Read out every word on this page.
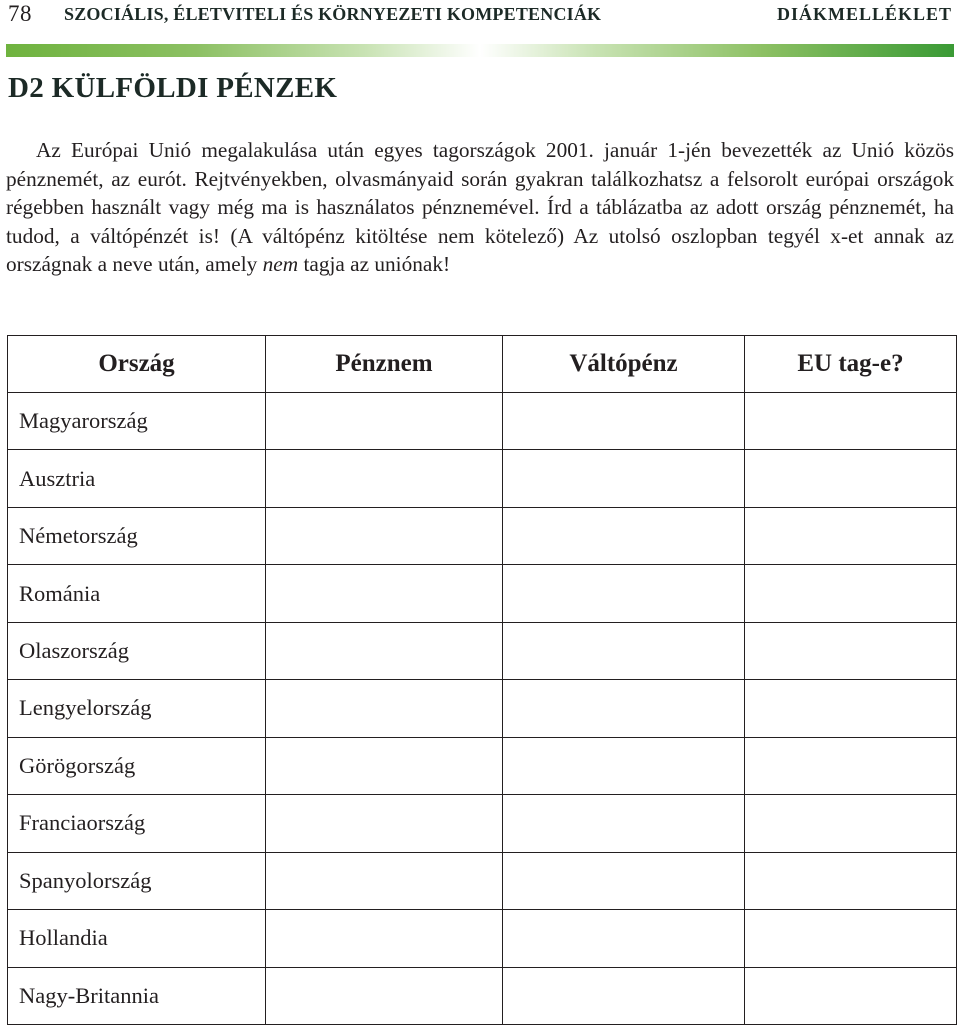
78 SZOCIÁLIS, ÉLETVITELI ÉS KÖRNYEZETI KOMPETENCIÁK	DIÁKMELLÉKLET
D2 KÜLFÖLDI PÉNZEK

Az Európai Unió megalakulása után egyes tagországok 2001. január 1-jén bevezették az Unió közös pénznemét, az eurót. Rejtvényekben, olvasmányaid során gyakran találkozhatsz a felsorolt európai országok régebben használt vagy még ma is használatos pénznemével. Írd a táblázatba az adott ország pénznemét, ha tudod, a váltópénzét is! (A váltópénz kitöltése nem kötelező) Az utolsó oszlopban tegyél x-et annak az országnak a neve után, amely nem tagja az uniónak!

Ország	Pénznem	Váltópénz	EU tag-e?
Magyarország			
Ausztria			
Németország			
Románia			
Olaszország			
Lengyelország			
Görögország			
Franciaország			
Spanyolország			
Hollandia			
Nagy-Britannia			
